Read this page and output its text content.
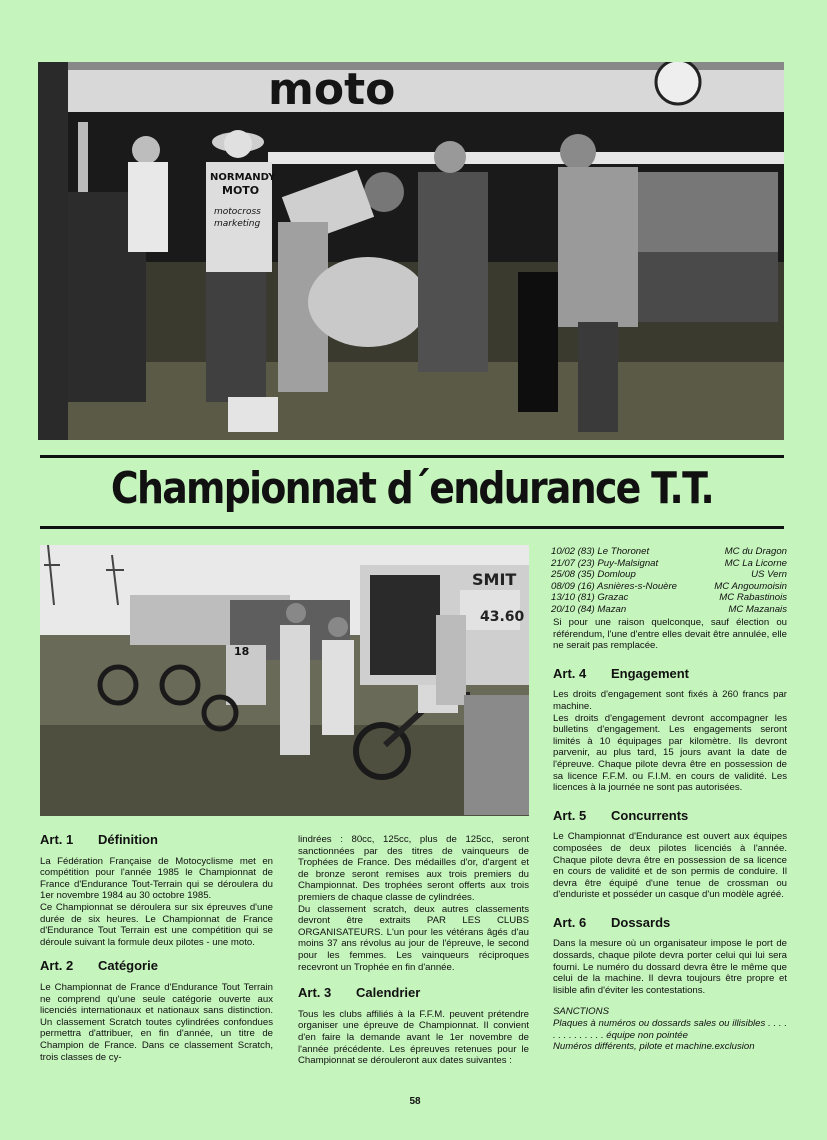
moto
NORMANDY
MOTO
motocross
marketing
Championnat d´endurance T.T.
SMIT
43.60
18

Art. 1 Définition

La Fédération Française de Motocyclisme met en compétition pour l'année 1985 le Championnat de France d'Endurance Tout-Terrain qui se déroulera du 1er novembre 1984 au 30 octobre 1985.

Ce Championnat se déroulera sur six épreuves d'une durée de six heures. Le Championnat de France d'Endurance Tout Terrain est une compétition qui se déroule suivant la formule deux pilotes - une moto.

Art. 2 Catégorie

Le Championnat de France d'Endurance Tout Terrain ne comprend qu'une seule catégorie ouverte aux licenciés internationaux et nationaux sans distinction. Un classement Scratch toutes cylindrées confondues permettra d'attribuer, en fin d'année, un titre de Champion de France. Dans ce classement Scratch, trois classes de cy-

lindrées : 80cc, 125cc, plus de 125cc, seront sanctionnées par des titres de vainqueurs de Trophées de France. Des médailles d'or, d'argent et de bronze seront remises aux trois premiers du Championnat. Des trophées seront offerts aux trois premiers de chaque classe de cylindrées.

Du classement scratch, deux autres classements devront être extraits PAR LES CLUBS ORGANISATEURS. L'un pour les vétérans âgés d'au moins 37 ans révolus au jour de l'épreuve, le second pour les femmes. Les vainqueurs réciproques recevront un Trophée en fin d'année.

Art. 3 Calendrier

Tous les clubs affiliés à la F.F.M. peuvent prétendre organiser une épreuve de Championnat. Il convient d'en faire la demande avant le 1er novembre de l'année précédente. Les épreuves retenues pour le Championnat se dérouleront aux dates suivantes :

10/02 (83) Le Thoronet	MC du Dragon
21/07 (23) Puy-Malsignat	MC La Licorne
25/08 (35) Domloup	US Vern
08/09 (16) Asnières-s-Nouère	MC Angoumoisin
13/10 (81) Grazac	MC Rabastinois
20/10 (84) Mazan	MC Mazanais

Si pour une raison quelconque, sauf élection ou référendum, l'une d'entre elles devait être annulée, elle ne serait pas remplacée.

Art. 4 Engagement

Les droits d'engagement sont fixés à 260 francs par machine.

Les droits d'engagement devront accompagner les bulletins d'engagement. Les engagements seront limités à 10 équipages par kilomètre. Ils devront parvenir, au plus tard, 15 jours avant la date de l'épreuve. Chaque pilote devra être en possession de sa licence F.F.M. ou F.I.M. en cours de validité. Les licences à la journée ne sont pas autorisées.

Art. 5 Concurrents

Le Championnat d'Endurance est ouvert aux équipes composées de deux pilotes licenciés à l'année. Chaque pilote devra être en possession de sa licence en cours de validité et de son permis de conduire. Il devra être équipé d'une tenue de crossman ou d'enduriste et posséder un casque d'un modèle agréé.

Art. 6 Dossards

Dans la mesure où un organisateur impose le port de dossards, chaque pilote devra porter celui qui lui sera fourni. Le numéro du dossard devra être le même que celui de la machine. Il devra toujours être propre et lisible afin d'éviter les contestations.

SANCTIONS

Plaques à numéros ou dossards sales ou illisibles . . . . . . . . . . . . . . équipe non pointée

Numéros différents, pilote et machine.exclusion

58
